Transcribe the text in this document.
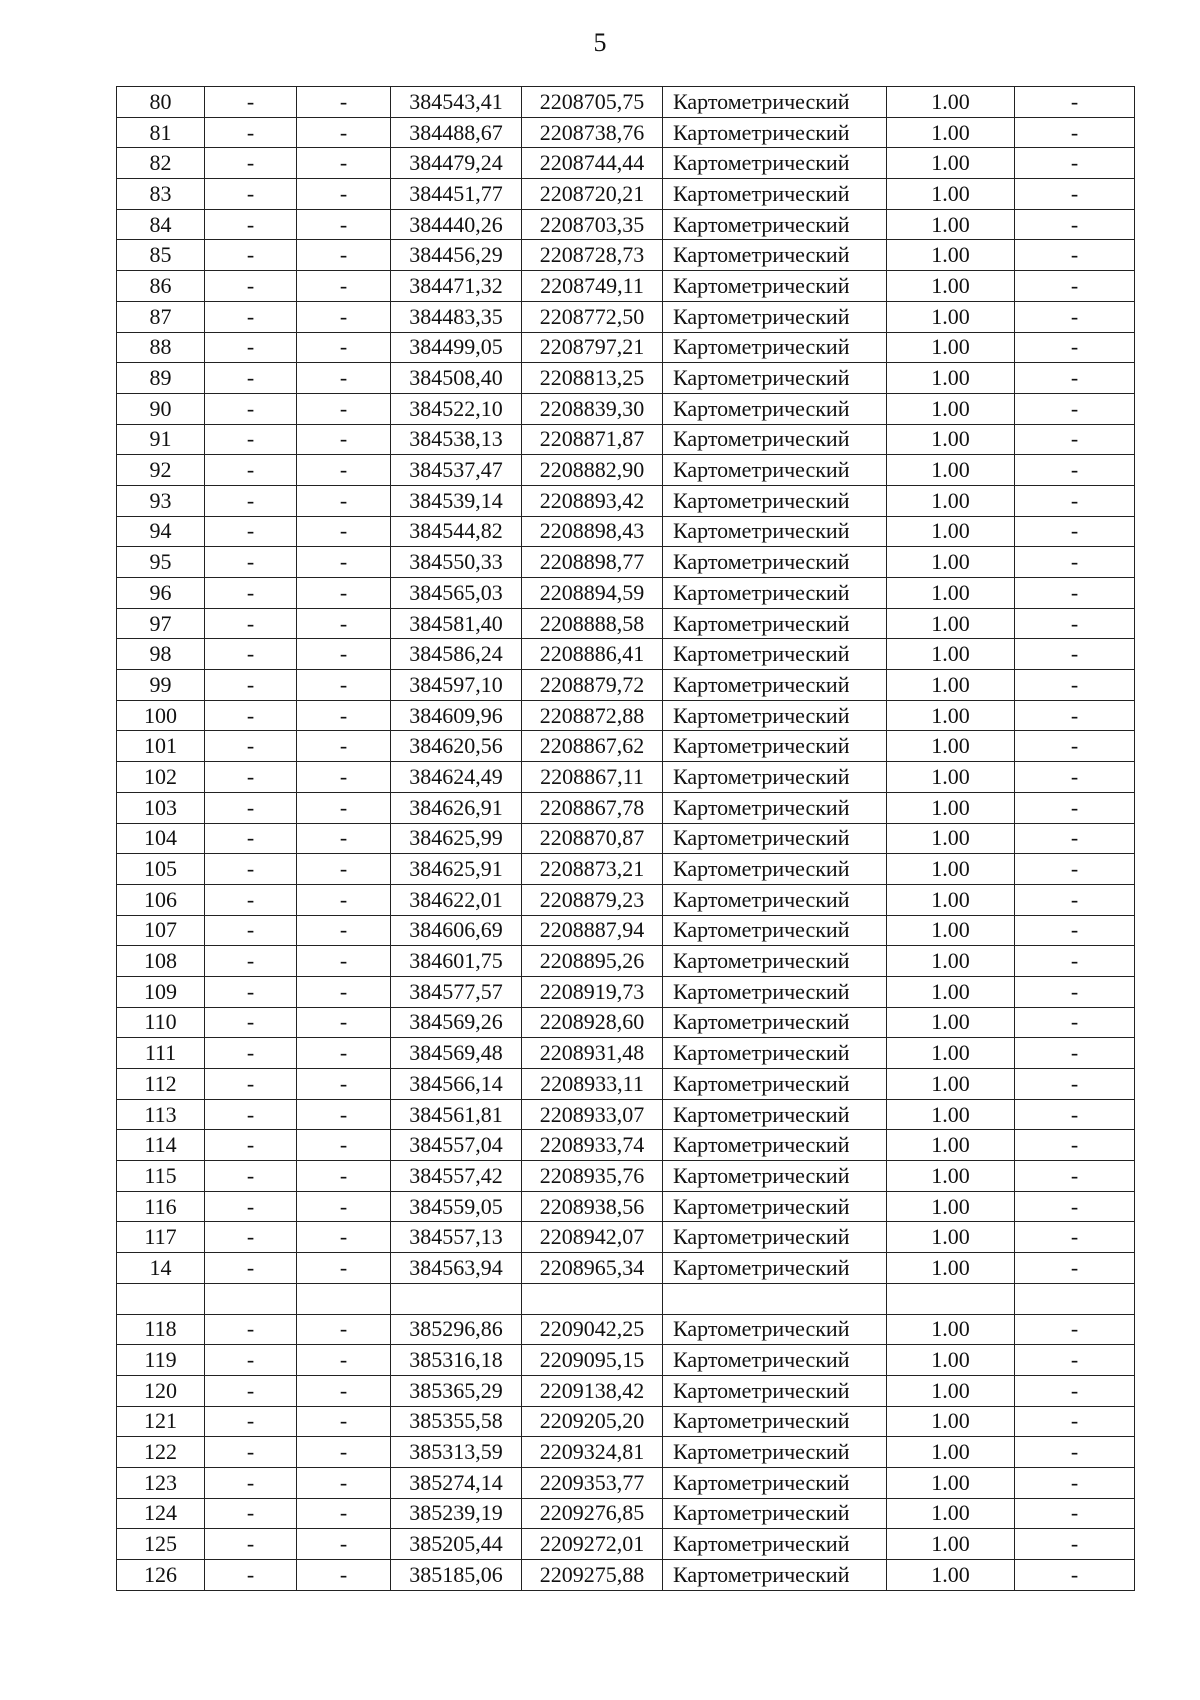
5
80	-	-	384543,41	2208705,75	Картометрический	1.00	-
81	-	-	384488,67	2208738,76	Картометрический	1.00	-
82	-	-	384479,24	2208744,44	Картометрический	1.00	-
83	-	-	384451,77	2208720,21	Картометрический	1.00	-
84	-	-	384440,26	2208703,35	Картометрический	1.00	-
85	-	-	384456,29	2208728,73	Картометрический	1.00	-
86	-	-	384471,32	2208749,11	Картометрический	1.00	-
87	-	-	384483,35	2208772,50	Картометрический	1.00	-
88	-	-	384499,05	2208797,21	Картометрический	1.00	-
89	-	-	384508,40	2208813,25	Картометрический	1.00	-
90	-	-	384522,10	2208839,30	Картометрический	1.00	-
91	-	-	384538,13	2208871,87	Картометрический	1.00	-
92	-	-	384537,47	2208882,90	Картометрический	1.00	-
93	-	-	384539,14	2208893,42	Картометрический	1.00	-
94	-	-	384544,82	2208898,43	Картометрический	1.00	-
95	-	-	384550,33	2208898,77	Картометрический	1.00	-
96	-	-	384565,03	2208894,59	Картометрический	1.00	-
97	-	-	384581,40	2208888,58	Картометрический	1.00	-
98	-	-	384586,24	2208886,41	Картометрический	1.00	-
99	-	-	384597,10	2208879,72	Картометрический	1.00	-
100	-	-	384609,96	2208872,88	Картометрический	1.00	-
101	-	-	384620,56	2208867,62	Картометрический	1.00	-
102	-	-	384624,49	2208867,11	Картометрический	1.00	-
103	-	-	384626,91	2208867,78	Картометрический	1.00	-
104	-	-	384625,99	2208870,87	Картометрический	1.00	-
105	-	-	384625,91	2208873,21	Картометрический	1.00	-
106	-	-	384622,01	2208879,23	Картометрический	1.00	-
107	-	-	384606,69	2208887,94	Картометрический	1.00	-
108	-	-	384601,75	2208895,26	Картометрический	1.00	-
109	-	-	384577,57	2208919,73	Картометрический	1.00	-
110	-	-	384569,26	2208928,60	Картометрический	1.00	-
111	-	-	384569,48	2208931,48	Картометрический	1.00	-
112	-	-	384566,14	2208933,11	Картометрический	1.00	-
113	-	-	384561,81	2208933,07	Картометрический	1.00	-
114	-	-	384557,04	2208933,74	Картометрический	1.00	-
115	-	-	384557,42	2208935,76	Картометрический	1.00	-
116	-	-	384559,05	2208938,56	Картометрический	1.00	-
117	-	-	384557,13	2208942,07	Картометрический	1.00	-
14	-	-	384563,94	2208965,34	Картометрический	1.00	-

118	-	-	385296,86	2209042,25	Картометрический	1.00	-
119	-	-	385316,18	2209095,15	Картометрический	1.00	-
120	-	-	385365,29	2209138,42	Картометрический	1.00	-
121	-	-	385355,58	2209205,20	Картометрический	1.00	-
122	-	-	385313,59	2209324,81	Картометрический	1.00	-
123	-	-	385274,14	2209353,77	Картометрический	1.00	-
124	-	-	385239,19	2209276,85	Картометрический	1.00	-
125	-	-	385205,44	2209272,01	Картометрический	1.00	-
126	-	-	385185,06	2209275,88	Картометрический	1.00	-
